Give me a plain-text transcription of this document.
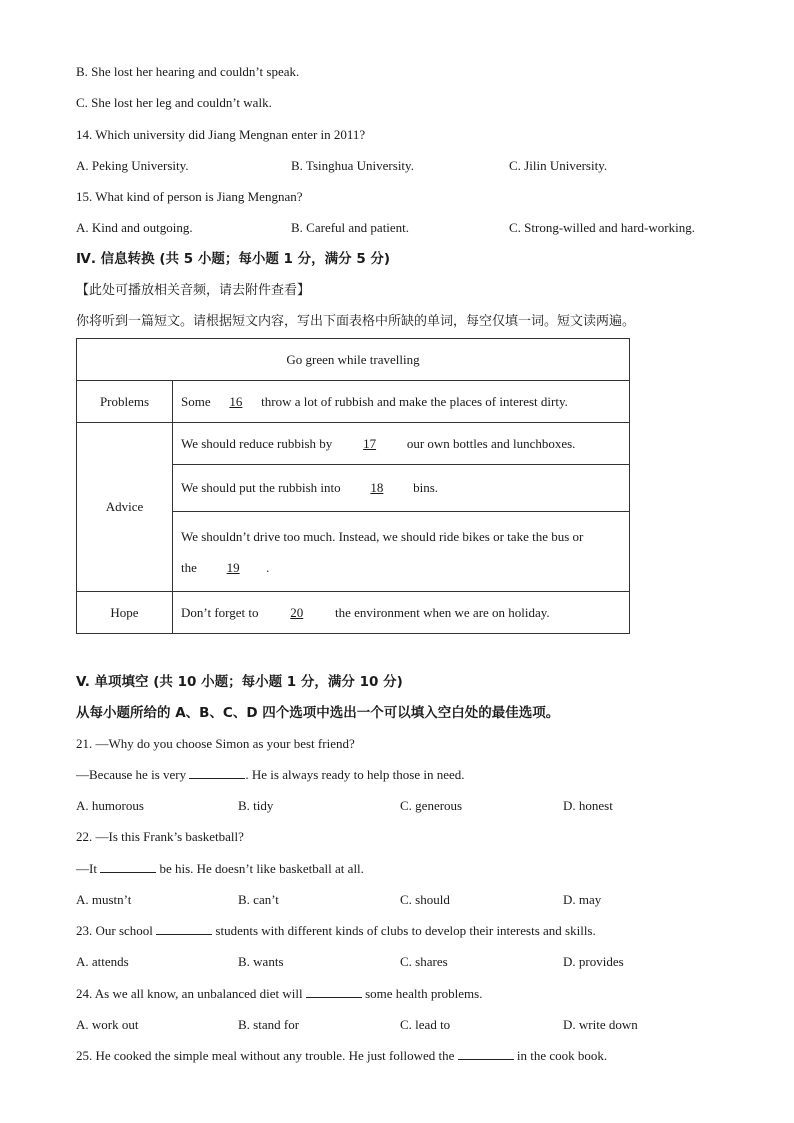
B. She lost her hearing and couldn’t speak.
C. She lost her leg and couldn’t walk.
14. Which university did Jiang Mengnan enter in 2011?
A. Peking University.	B. Tsinghua University.	C. Jilin University.
15. What kind of person is Jiang Mengnan?
A. Kind and outgoing.	B. Careful and patient.	C. Strong-willed and hard-working.
Ⅳ. 信息转换 (共 5 小题；每小题 1 分，满分 5 分)
【此处可播放相关音频，请去附件查看】
你将听到一篇短文。请根据短文内容，写出下面表格中所缺的单词，每空仅填一词。短文读两遍。
Go green while travelling	
Problems	Some 16 throw a lot of rubbish and make the places of interest dirty.
Advice	We should reduce rubbish by 17 our own bottles and lunchboxes.
	We should put the rubbish into 18 bins.
	We shouldn’t drive too much. Instead, we should ride bikes or take the bus or
the 19 .
Hope	Don’t forget to 20 the environment when we are on holiday.
V. 单项填空 (共 10 小题；每小题 1 分，满分 10 分)
从每小题所给的 A、B、C、D 四个选项中选出一个可以填入空白处的最佳选项。
21. —Why do you choose Simon as your best friend?
—Because he is very	. He is always ready to help those in need.
A. humorous	B. tidy	C. generous	D. honest
22. —Is this Frank’s basketball?
—It	be his. He doesn’t like basketball at all.
A. mustn’t	B. can’t	C. should	D. may
23. Our school	students with different kinds of clubs to develop their interests and skills.
A. attends	B. wants	C. shares	D. provides
24. As we all know, an unbalanced diet will	some health problems.
A. work out	B. stand for	C. lead to	D. write down
25. He cooked the simple meal without any trouble. He just followed the	in the cook book.
